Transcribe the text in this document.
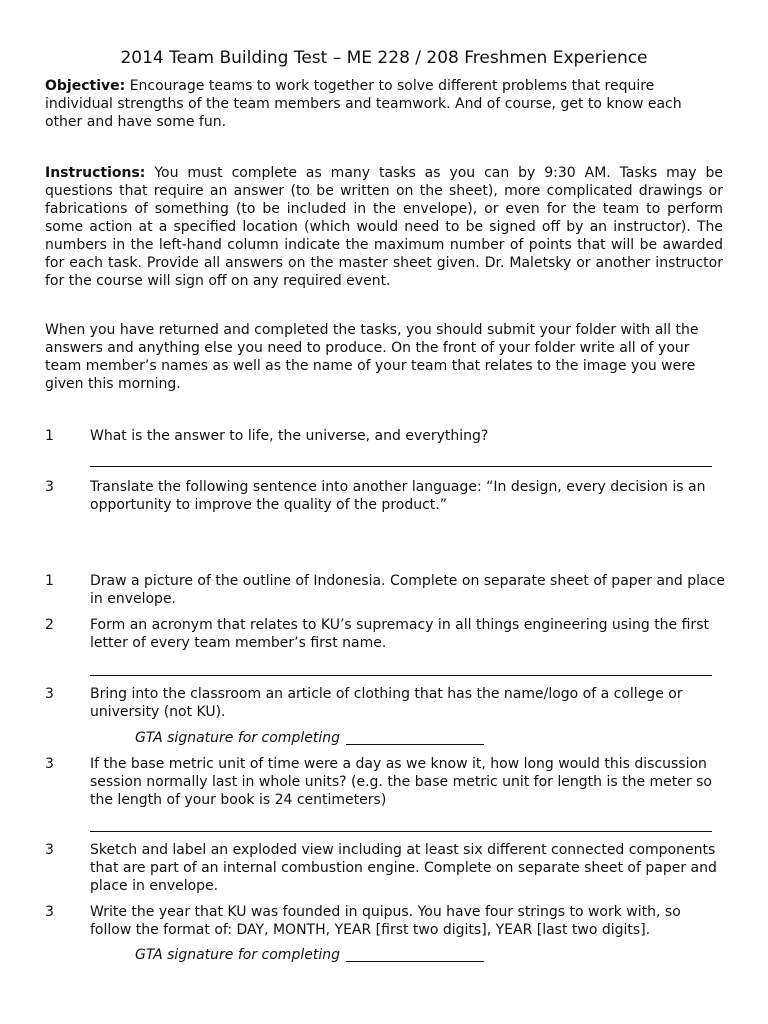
2014 Team Building Test – ME 228 / 208 Freshmen Experience

Objective: Encourage teams to work together to solve different problems that require individual strengths of the team members and teamwork. And of course, get to know each other and have some fun.

Instructions: You must complete as many tasks as you can by 9:30 AM. Tasks may be questions that require an answer (to be written on the sheet), more complicated drawings or fabrications of something (to be included in the envelope), or even for the team to perform some action at a specified location (which would need to be signed off by an instructor). The numbers in the left-hand column indicate the maximum number of points that will be awarded for each task. Provide all answers on the master sheet given. Dr. Maletsky or another instructor for the course will sign off on any required event.

When you have returned and completed the tasks, you should submit your folder with all the answers and anything else you need to produce. On the front of your folder write all of your team member’s names as well as the name of your team that relates to the image you were given this morning.

1	What is the answer to life, the universe, and everything?
3	Translate the following sentence into another language: “In design, every decision is an opportunity to improve the quality of the product.”
1	Draw a picture of the outline of Indonesia. Complete on separate sheet of paper and place in envelope.
2	Form an acronym that relates to KU’s supremacy in all things engineering using the first letter of every team member’s first name.
3	Bring into the classroom an article of clothing that has the name/logo of a college or university (not KU).
GTA signature for completing
3	If the base metric unit of time were a day as we know it, how long would this discussion session normally last in whole units? (e.g. the base metric unit for length is the meter so the length of your book is 24 centimeters)
3	Sketch and label an exploded view including at least six different connected components that are part of an internal combustion engine. Complete on separate sheet of paper and place in envelope.
3	Write the year that KU was founded in quipus. You have four strings to work with, so follow the format of: DAY, MONTH, YEAR [first two digits], YEAR [last two digits].
GTA signature for completing
